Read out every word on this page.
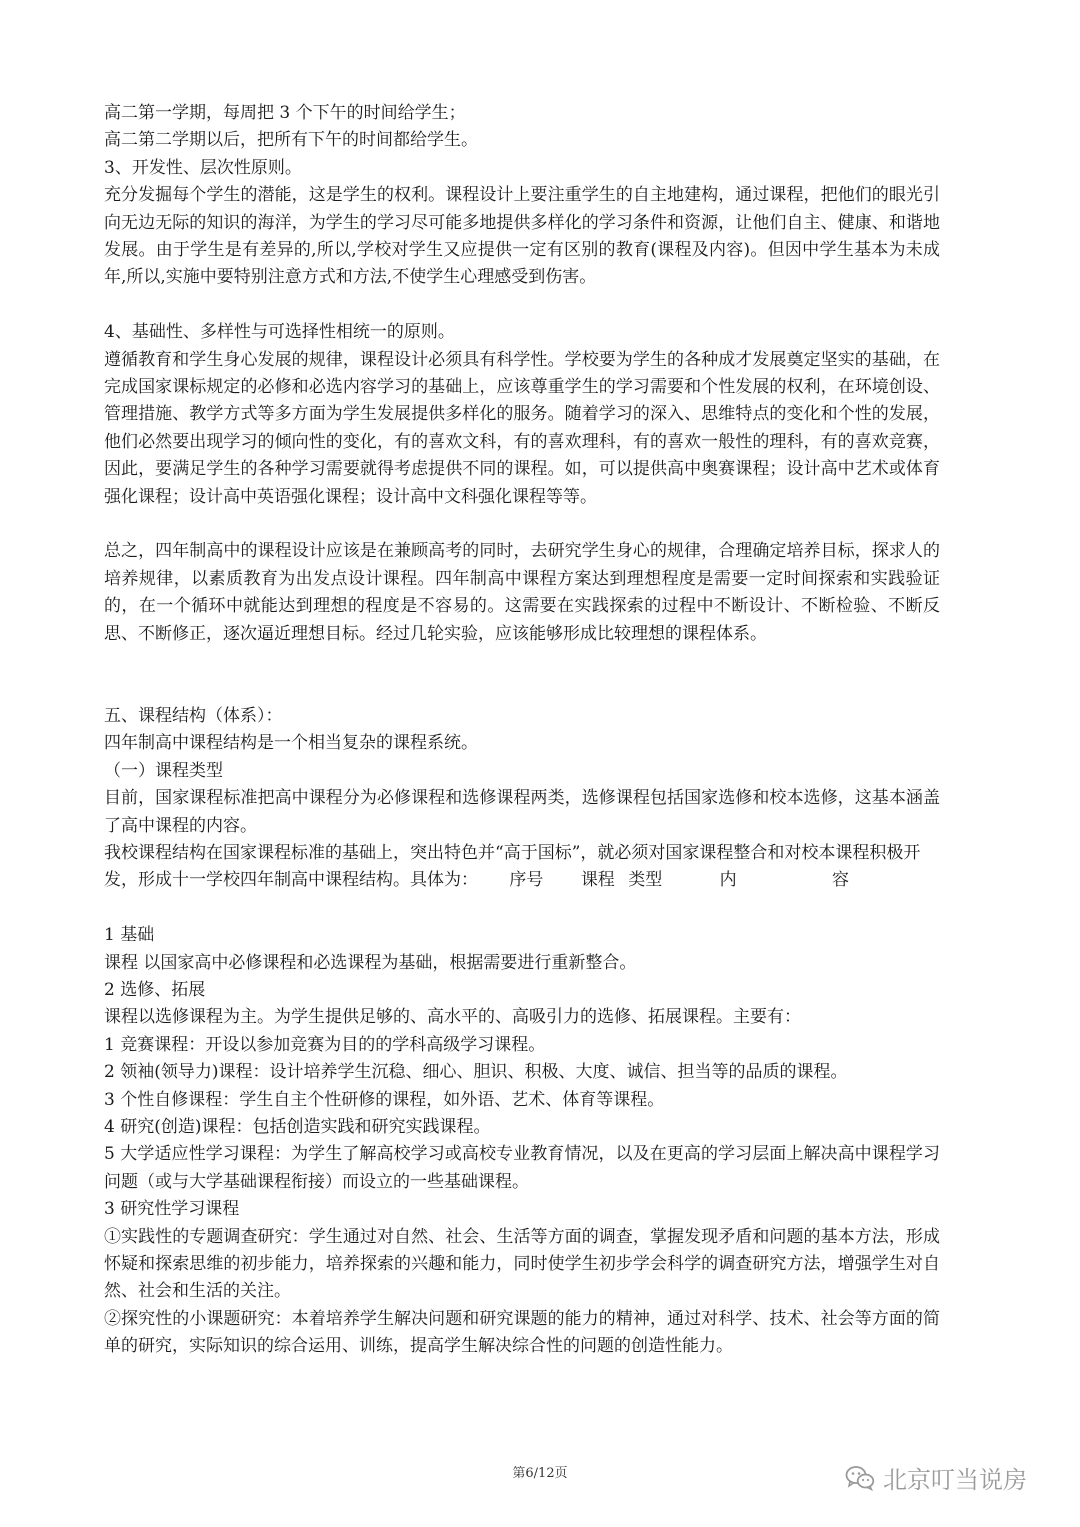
高二第一学期，每周把 3 个下午的时间给学生；

高二第二学期以后，把所有下午的时间都给学生。

3、开发性、层次性原则。

充分发掘每个学生的潜能，这是学生的权利。课程设计上要注重学生的自主地建构，通过课程，把他们的眼光引向无边无际的知识的海洋，为学生的学习尽可能多地提供多样化的学习条件和资源，让他们自主、健康、和谐地发展。由于学生是有差异的,所以,学校对学生又应提供一定有区别的教育(课程及内容)。但因中学生基本为未成年,所以,实施中要特别注意方式和方法,不使学生心理感受到伤害。

4、基础性、多样性与可选择性相统一的原则。

遵循教育和学生身心发展的规律，课程设计必须具有科学性。学校要为学生的各种成才发展奠定坚实的基础，在完成国家课标规定的必修和必选内容学习的基础上，应该尊重学生的学习需要和个性发展的权利，在环境创设、管理措施、教学方式等多方面为学生发展提供多样化的服务。随着学习的深入、思维特点的变化和个性的发展，他们必然要出现学习的倾向性的变化，有的喜欢文科，有的喜欢理科，有的喜欢一般性的理科，有的喜欢竞赛，因此，要满足学生的各种学习需要就得考虑提供不同的课程。如，可以提供高中奥赛课程；设计高中艺术或体育强化课程；设计高中英语强化课程；设计高中文科强化课程等等。

总之，四年制高中的课程设计应该是在兼顾高考的同时，去研究学生身心的规律，合理确定培养目标，探求人的培养规律，以素质教育为出发点设计课程。四年制高中课程方案达到理想程度是需要一定时间探索和实践验证的，在一个循环中就能达到理想的程度是不容易的。这需要在实践探索的过程中不断设计、不断检验、不断反思、不断修正，逐次逼近理想目标。经过几轮实验，应该能够形成比较理想的课程体系。

五、课程结构（体系）：

四年制高中课程结构是一个相当复杂的课程系统。

（一）课程类型

目前，国家课程标准把高中课程分为必修课程和选修课程两类，选修课程包括国家选修和校本选修，这基本涵盖了高中课程的内容。

我校课程结构在国家课程标准的基础上，突出特色并“高于国标”，就必须对国家课程整合和对校本课程积极开发，形成十一学校四年制高中课程结构。具体为： 序号 课程 类型	内	容

1 基础

课程 以国家高中必修课程和必选课程为基础，根据需要进行重新整合。

2 选修、拓展

课程以选修课程为主。为学生提供足够的、高水平的、高吸引力的选修、拓展课程。主要有：

1 竞赛课程：开设以参加竞赛为目的的学科高级学习课程。

2 领袖(领导力)课程：设计培养学生沉稳、细心、胆识、积极、大度、诚信、担当等的品质的课程。

3 个性自修课程：学生自主个性研修的课程，如外语、艺术、体育等课程。

4 研究(创造)课程：包括创造实践和研究实践课程。

5 大学适应性学习课程：为学生了解高校学习或高校专业教育情况，以及在更高的学习层面上解决高中课程学习问题（或与大学基础课程衔接）而设立的一些基础课程。

3 研究性学习课程

①实践性的专题调查研究：学生通过对自然、社会、生活等方面的调查，掌握发现矛盾和问题的基本方法，形成怀疑和探索思维的初步能力，培养探索的兴趣和能力，同时使学生初步学会科学的调查研究方法，增强学生对自然、社会和生活的关注。

②探究性的小课题研究：本着培养学生解决问题和研究课题的能力的精神，通过对科学、技术、社会等方面的简单的研究，实际知识的综合运用、训练，提高学生解决综合性的问题的创造性能力。

第6/12页	北京叮当说房
